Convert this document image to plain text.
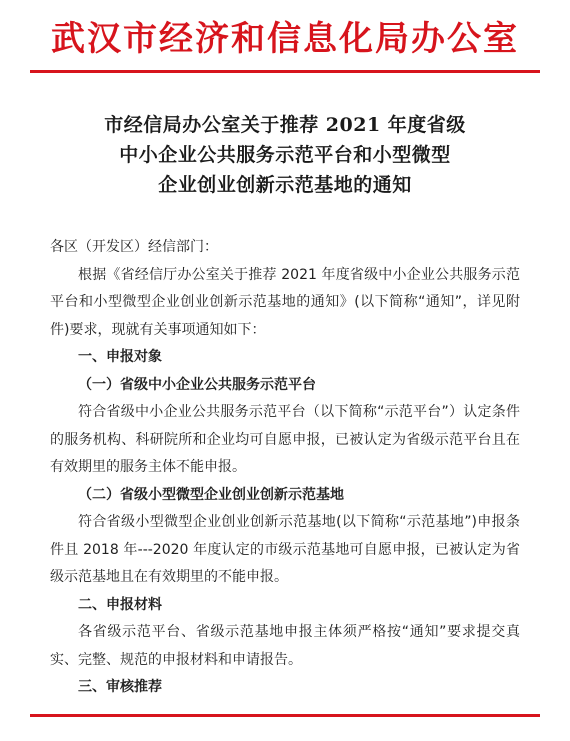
武汉市经济和信息化局办公室
市经信局办公室关于推荐 2021 年度省级
中小企业公共服务示范平台和小型微型
企业创业创新示范基地的通知

各区（开发区）经信部门：

根据《省经信厅办公室关于推荐 2021 年度省级中小企业公共服务示范平台和小型微型企业创业创新示范基地的通知》(以下简称“通知”，详见附件)要求，现就有关事项通知如下：

一、申报对象

（一）省级中小企业公共服务示范平台

符合省级中小企业公共服务示范平台（以下简称“示范平台”）认定条件的服务机构、科研院所和企业均可自愿申报，已被认定为省级示范平台且在有效期里的服务主体不能申报。

（二）省级小型微型企业创业创新示范基地

符合省级小型微型企业创业创新示范基地(以下简称“示范基地”)申报条件且 2018 年---2020 年度认定的市级示范基地可自愿申报，已被认定为省级示范基地且在有效期里的不能申报。

二、申报材料

各省级示范平台、省级示范基地申报主体须严格按“通知”要求提交真实、完整、规范的申报材料和申请报告。

三、审核推荐
